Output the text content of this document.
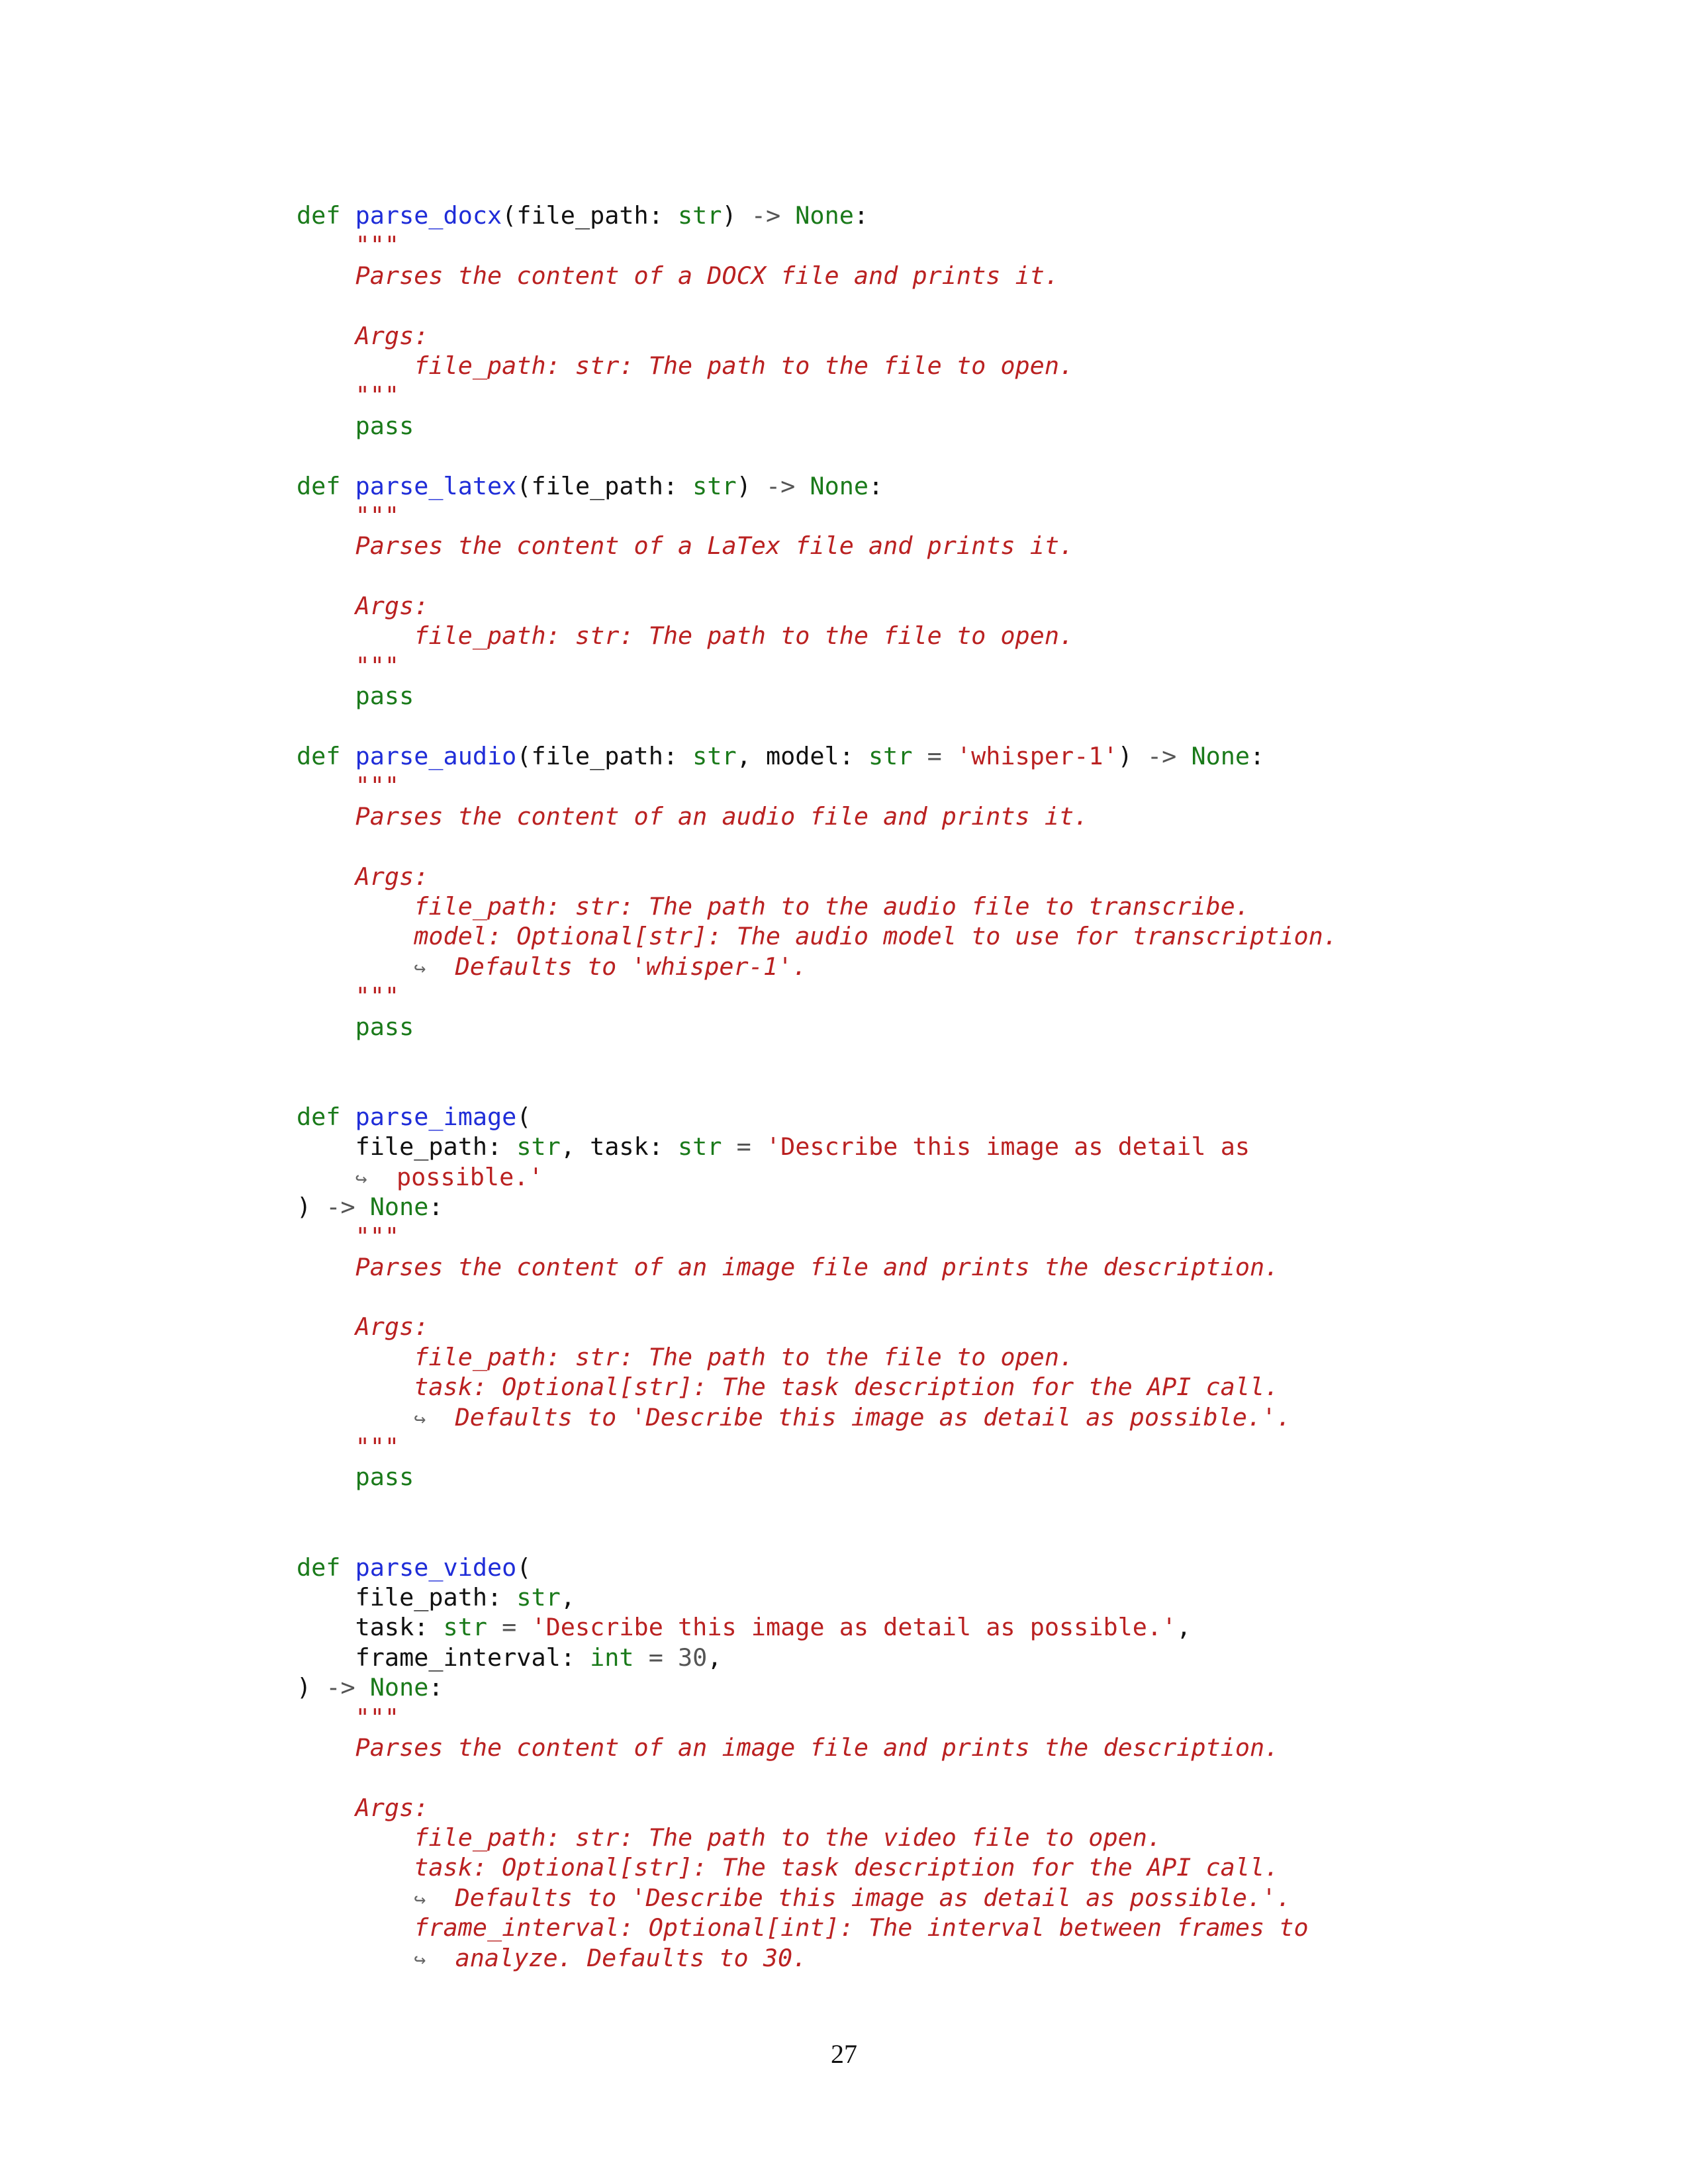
def parse_docx (file_path: str ) ->
None :

"""

Parses the content of a DOCX file and prints it.

Args:

file_path: str: The path to the file to open.

"""

pass
def parse_latex (file_path: str ) ->
None :

"""

Parses the content of a LaTex file and prints it.

Args:

file_path: str: The path to the file to open.

"""

pass
def parse_audio (file_path: str , model: str
=
'whisper-1' ) ->
None :

"""

Parses the content of an audio file and prints it.

Args:

file_path: str: The path to the audio file to transcribe.

model: Optional[str]: The audio model to use for transcription.

↪
Defaults to 'whisper-1'.

"""

pass
def parse_image (
file_path: str , task: str
=
'Describe this image as detail as

↪
possible.'
) ->
None :

"""

Parses the content of an image file and prints the description.

Args:

file_path: str: The path to the file to open.

task: Optional[str]: The task description for the API call.

↪
Defaults to 'Describe this image as detail as possible.'.

"""

pass
def parse_video (
file_path: str ,
task: str
=
'Describe this image as detail as possible.' ,
frame_interval: int
=
30 ,
) ->
None :

"""

Parses the content of an image file and prints the description.

Args:

file_path: str: The path to the video file to open.

task: Optional[str]: The task description for the API call.

↪
Defaults to 'Describe this image as detail as possible.'.

frame_interval: Optional[int]: The interval between frames to

↪
analyze. Defaults to 30.
27
